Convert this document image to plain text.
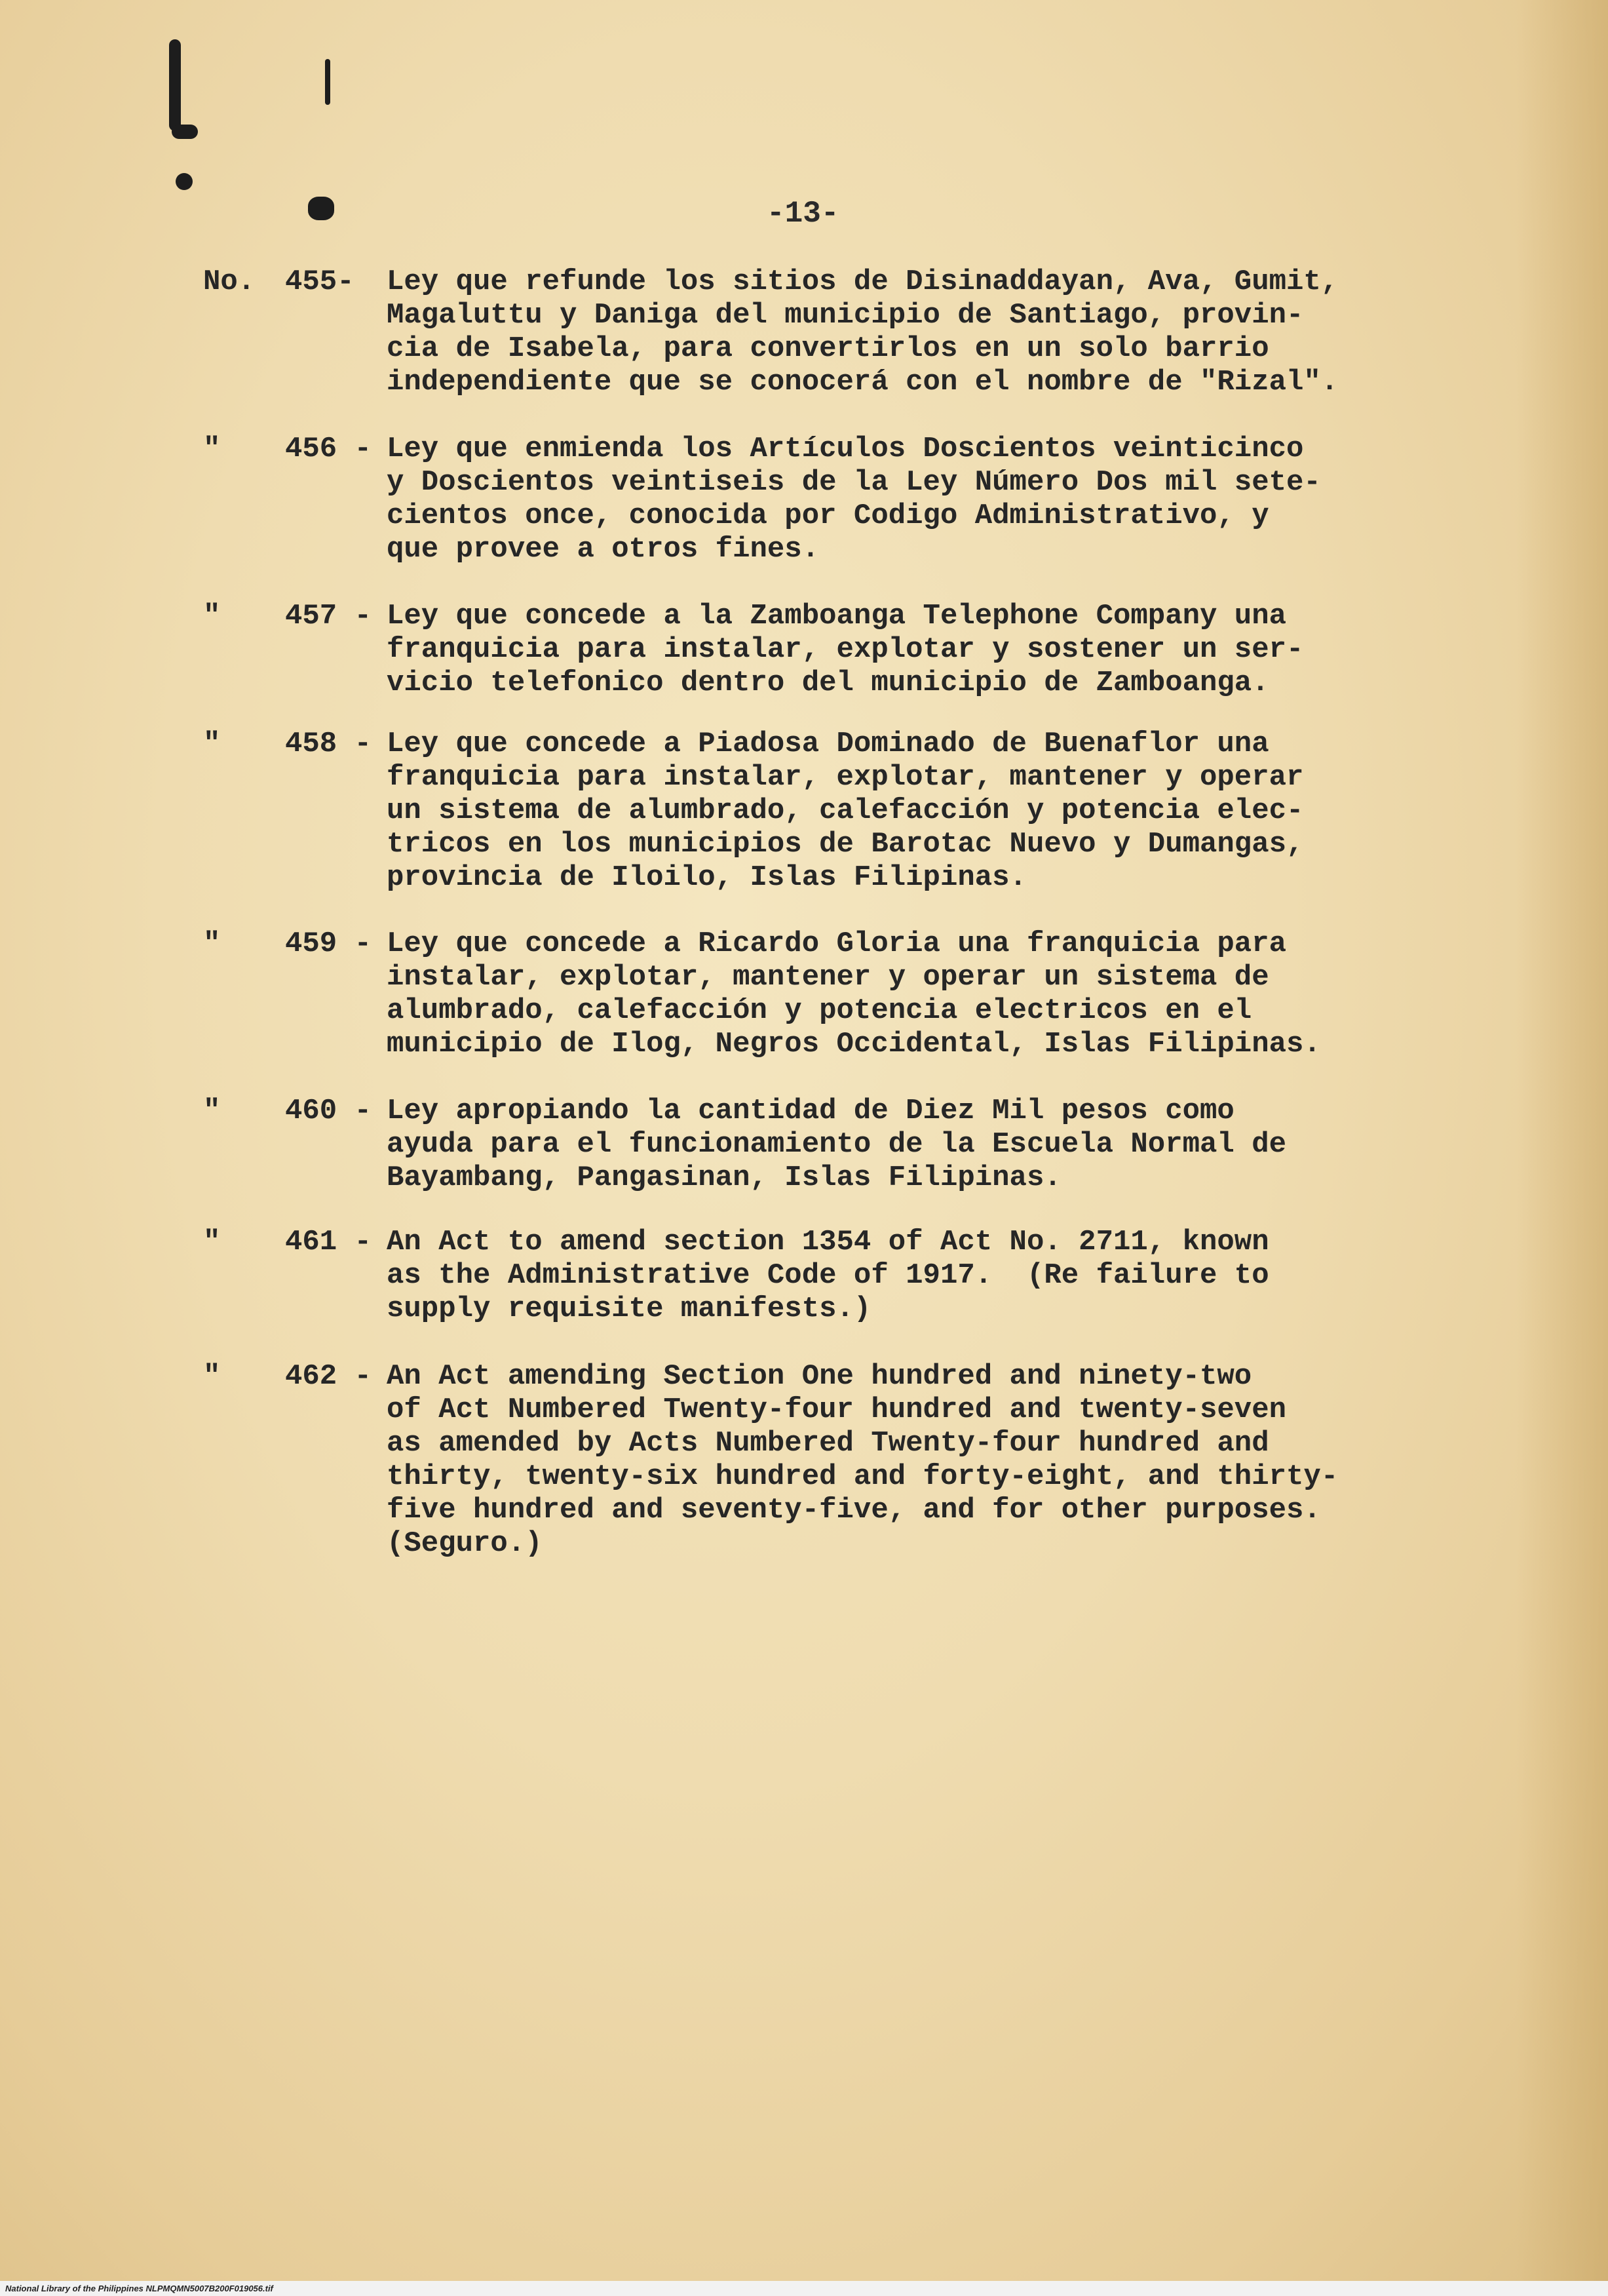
-13-
No. 455- Ley que refunde los sitios de Disinaddayan, Ava, Gumit,
Magaluttu y Daniga del municipio de Santiago, provin-
cia de Isabela, para convertirlos en un solo barrio
independiente que se conocerá con el nombre de "Rizal".
" 456 - Ley que enmienda los Artículos Doscientos veinticinco
y Doscientos veintiseis de la Ley Número Dos mil sete-
cientos once, conocida por Codigo Administrativo, y
que provee a otros fines.
" 457 - Ley que concede a la Zamboanga Telephone Company una
franquicia para instalar, explotar y sostener un ser-
vicio telefonico dentro del municipio de Zamboanga.
" 458 - Ley que concede a Piadosa Dominado de Buenaflor una
franquicia para instalar, explotar, mantener y operar
un sistema de alumbrado, calefacción y potencia elec-
tricos en los municipios de Barotac Nuevo y Dumangas,
provincia de Iloilo, Islas Filipinas.
" 459 - Ley que concede a Ricardo Gloria una franquicia para
instalar, explotar, mantener y operar un sistema de
alumbrado, calefacción y potencia electricos en el
municipio de Ilog, Negros Occidental, Islas Filipinas.
" 460 - Ley apropiando la cantidad de Diez Mil pesos como
ayuda para el funcionamiento de la Escuela Normal de
Bayambang, Pangasinan, Islas Filipinas.
" 461 - An Act to amend section 1354 of Act No. 2711, known
as the Administrative Code of 1917.  (Re failure to
supply requisite manifests.)
" 462 - An Act amending Section One hundred and ninety-two
of Act Numbered Twenty-four hundred and twenty-seven
as amended by Acts Numbered Twenty-four hundred and
thirty, twenty-six hundred and forty-eight, and thirty-
five hundred and seventy-five, and for other purposes.
(Seguro.)
National Library of the Philippines NLPMQMN5007B200F019056.tif
